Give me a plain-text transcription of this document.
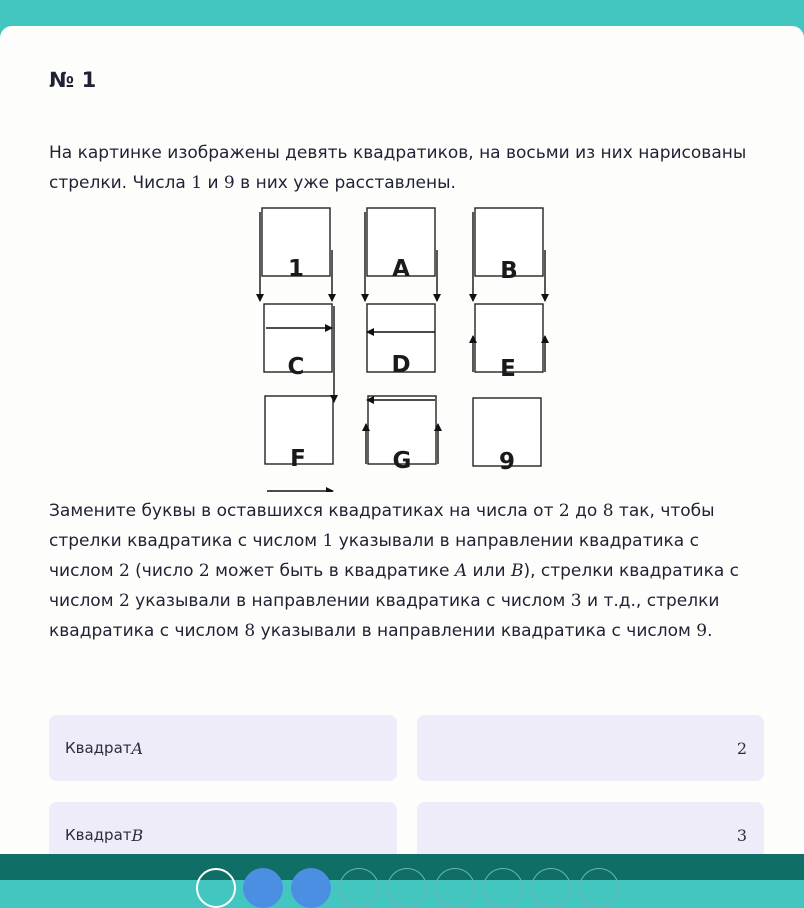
№ 1
На картинке изображены девять квадратиков, на восьми из них нарисованы стрелки. Числа 1 и 9 в них уже расставлены.
1	A	B
C	D	E
F	G	9
Замените буквы в оставшихся квадратиках на числа от 2 до 8 так, чтобы стрелки квадратика с числом 1 указывали в направлении квадратика с числом 2 (число 2 может быть в квадратике A или B), стрелки квадратика с числом 2 указывали в направлении квадратика с числом 3 и т.д., стрелки квадратика с числом 8 указывали в направлении квадратика с числом 9.
Квадрат A	2
Квадрат B	3
